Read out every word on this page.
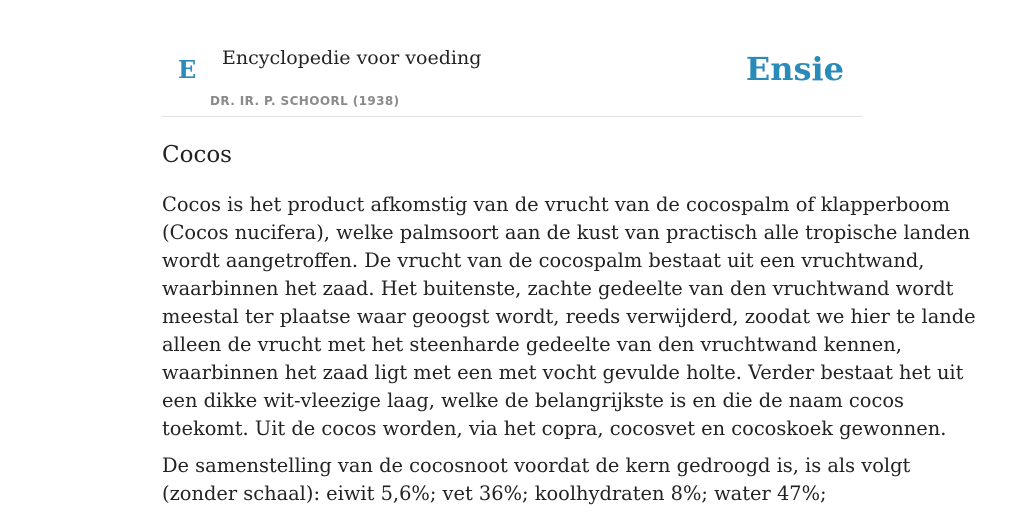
E Encyclopedie voor voeding
DR. IR. P. SCHOORL (1938)
Ensie
Cocos

Cocos is het product afkomstig van de vrucht van de cocospalm of klapperboom
(Cocos nucifera), welke palmsoort aan de kust van practisch alle tropische landen
wordt aangetroffen. De vrucht van de cocospalm bestaat uit een vruchtwand,
waarbinnen het zaad. Het buitenste, zachte gedeelte van den vruchtwand wordt
meestal ter plaatse waar geoogst wordt, reeds verwijderd, zoodat we hier te lande
alleen de vrucht met het steenharde gedeelte van den vruchtwand kennen,
waarbinnen het zaad ligt met een met vocht gevulde holte. Verder bestaat het uit
een dikke wit-vleezige laag, welke de belangrijkste is en die de naam cocos
toekomt. Uit de cocos worden, via het copra, cocosvet en cocoskoek gewonnen.

De samenstelling van de cocosnoot voordat de kern gedroogd is, is als volgt
(zonder schaal): eiwit 5,6%; vet 36%; koolhydraten 8%; water 47%;
